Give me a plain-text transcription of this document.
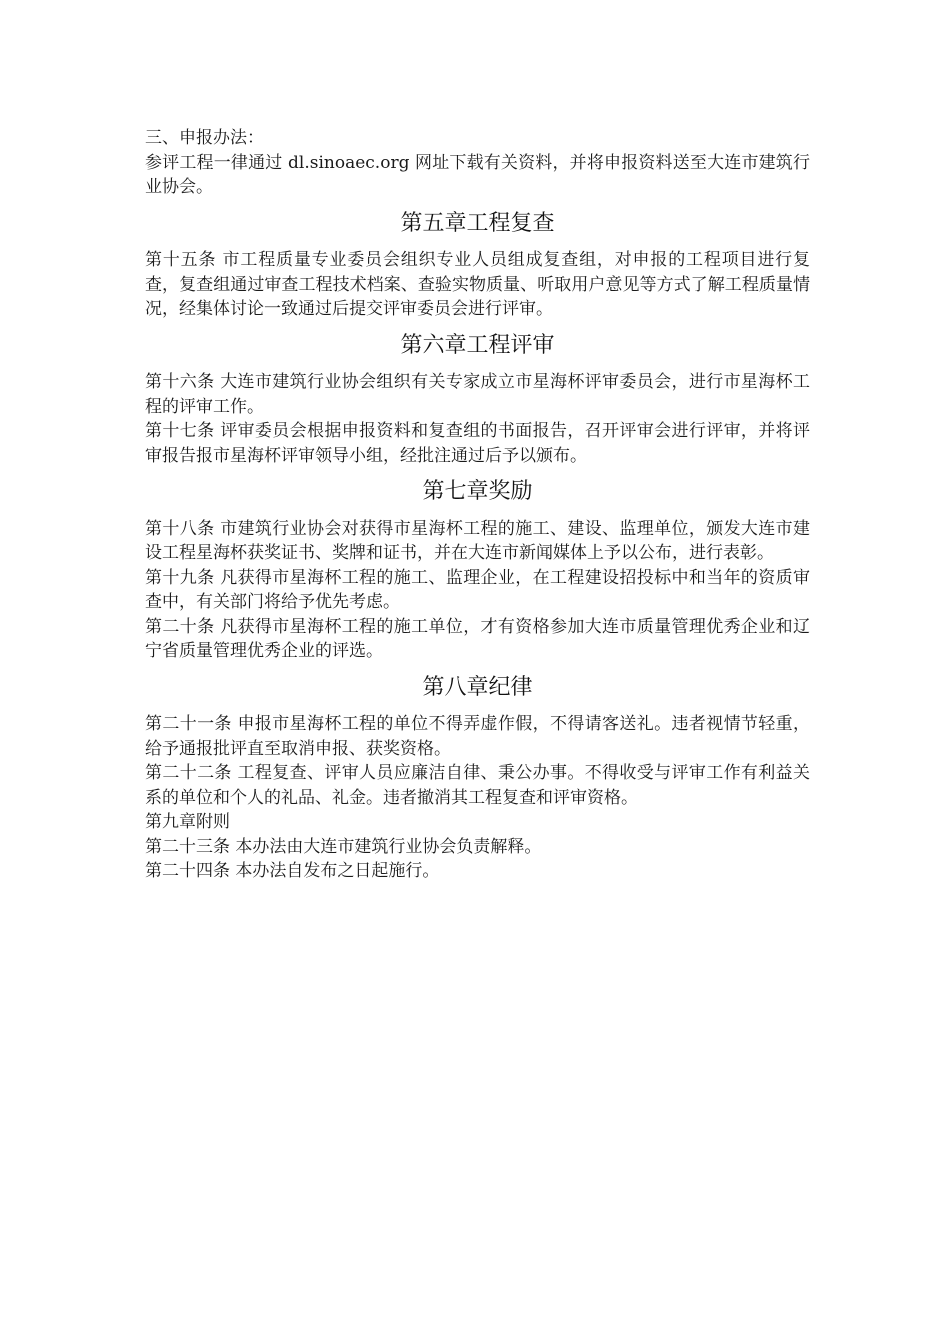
三、申报办法：

参评工程一律通过 dl.sinoaec.org 网址下载有关资料，并将申报资料送至大连市建筑行业协会。

第五章工程复查

第十五条 市工程质量专业委员会组织专业人员组成复查组，对申报的工程项目进行复查，复查组通过审查工程技术档案、查验实物质量、听取用户意见等方式了解工程质量情况，经集体讨论一致通过后提交评审委员会进行评审。

第六章工程评审

第十六条 大连市建筑行业协会组织有关专家成立市星海杯评审委员会，进行市星海杯工程的评审工作。

第十七条 评审委员会根据申报资料和复查组的书面报告，召开评审会进行评审，并将评审报告报市星海杯评审领导小组，经批注通过后予以颁布。

第七章奖励

第十八条 市建筑行业协会对获得市星海杯工程的施工、建设、监理单位，颁发大连市建设工程星海杯获奖证书、奖牌和证书，并在大连市新闻媒体上予以公布，进行表彰。

第十九条 凡获得市星海杯工程的施工、监理企业，在工程建设招投标中和当年的资质审查中，有关部门将给予优先考虑。

第二十条 凡获得市星海杯工程的施工单位，才有资格参加大连市质量管理优秀企业和辽宁省质量管理优秀企业的评选。

第八章纪律

第二十一条 申报市星海杯工程的单位不得弄虚作假，不得请客送礼。违者视情节轻重，给予通报批评直至取消申报、获奖资格。

第二十二条 工程复查、评审人员应廉洁自律、秉公办事。不得收受与评审工作有利益关系的单位和个人的礼品、礼金。违者撤消其工程复查和评审资格。

第九章附则

第二十三条 本办法由大连市建筑行业协会负责解释。

第二十四条 本办法自发布之日起施行。
